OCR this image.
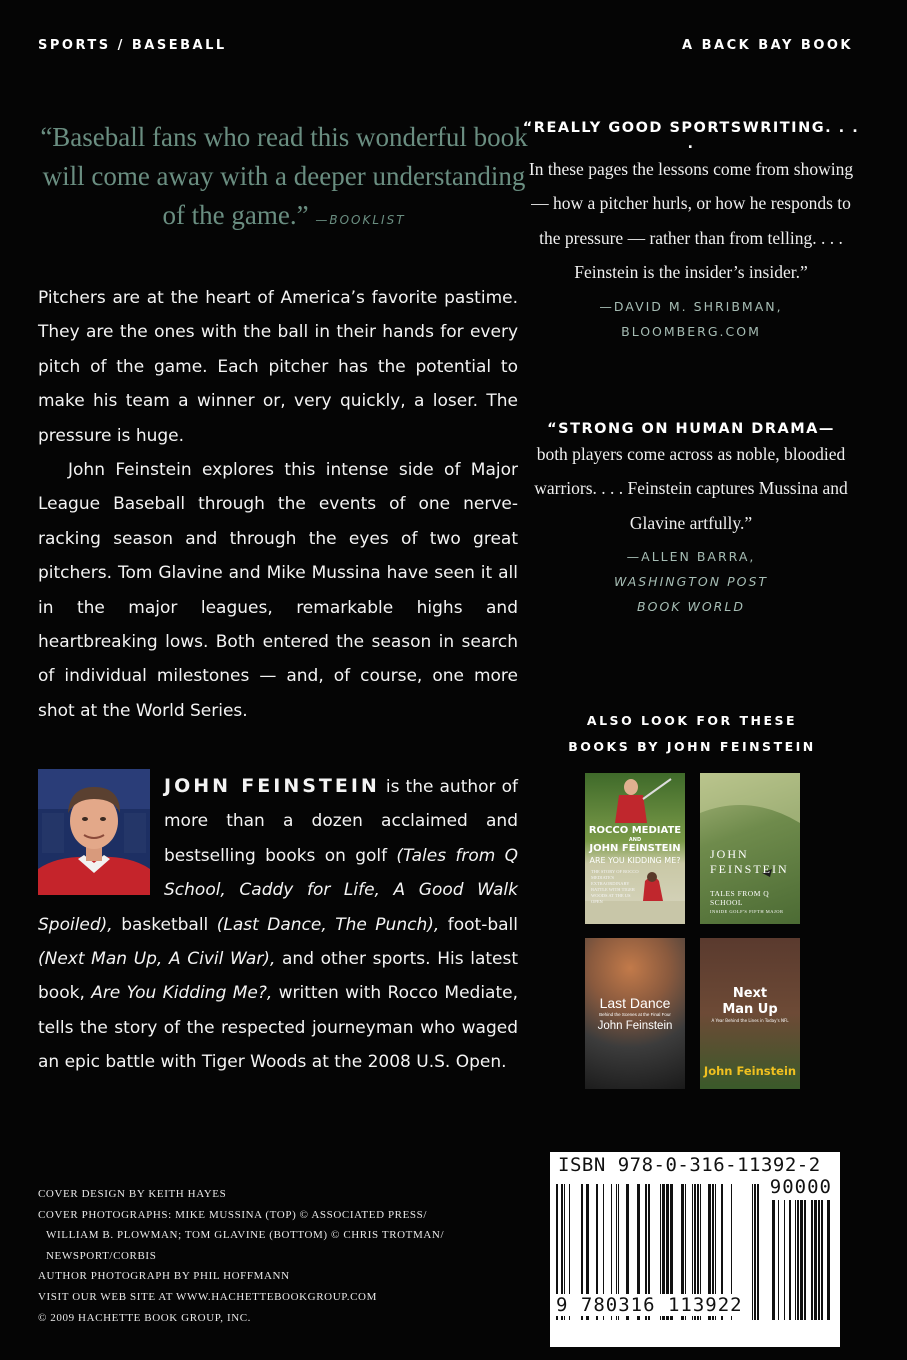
SPORTS / BASEBALL	A BACK BAY BOOK
“Baseball fans who read this wonderful book will come away with a deeper understanding of the game.” —BOOKLIST

Pitchers are at the heart of America’s favorite pastime. They are the ones with the ball in their hands for every pitch of the game. Each pitcher has the potential to make his team a winner or, very quickly, a loser. The pressure is huge.

John Feinstein explores this intense side of Major League Baseball through the events of one nerve-racking season and through the eyes of two great pitchers. Tom Glavine and Mike Mussina have seen it all in the major leagues, remarkable highs and heartbreaking lows. Both entered the season in search of individual milestones — and, of course, one more shot at the World Series.

JOHN FEINSTEIN is the author of more than a dozen acclaimed and bestselling books on golf (Tales from Q School, Caddy for Life, A Good Walk Spoiled), basketball (Last Dance, The Punch), foot-ball (Next Man Up, A Civil War), and other sports. His latest book, Are You Kidding Me?, written with Rocco Mediate, tells the story of the respected journeyman who waged an epic battle with Tiger Woods at the 2008 U.S. Open.
“REALLY GOOD SPORTSWRITING. . . .
In these pages the lessons come from showing — how a pitcher hurls, or how he responds to the pressure — rather than from telling. . . . Feinstein is the insider’s insider.”
—DAVID M. SHRIBMAN,
BLOOMBERG.COM
“STRONG ON HUMAN DRAMA—
both players come across as noble, bloodied warriors. . . . Feinstein captures Mussina and Glavine artfully.”
—ALLEN BARRA,
WASHINGTON POST
BOOK WORLD
ALSO LOOK FOR THESE
BOOKS BY JOHN FEINSTEIN
ROCCO MEDIATE
AND
JOHN FEINSTEIN
ARE YOU KIDDING ME?
THE STORY OF ROCCO MEDIATE'S EXTRAORDINARY BATTLE WITH TIGER WOODS AT THE US OPEN
JOHN FEINSTEIN
TALES FROM Q SCHOOL
INSIDE GOLF'S FIFTH MAJOR
Last Dance
Behind the Scenes at the Final Four
John Feinstein
Next
Man Up
A Year Behind the Lines in Today's NFL
John Feinstein
COVER DESIGN BY KEITH HAYES
COVER PHOTOGRAPHS: MIKE MUSSINA (TOP) © ASSOCIATED PRESS/
WILLIAM B. PLOWMAN; TOM GLAVINE (BOTTOM) © CHRIS TROTMAN/
NEWSPORT/CORBIS
AUTHOR PHOTOGRAPH BY PHIL HOFFMANN
VISIT OUR WEB SITE AT WWW.HACHETTEBOOKGROUP.COM
© 2009 HACHETTE BOOK GROUP, INC.
ISBN 978-0-316-11392-2
90000
9 780316 113922
